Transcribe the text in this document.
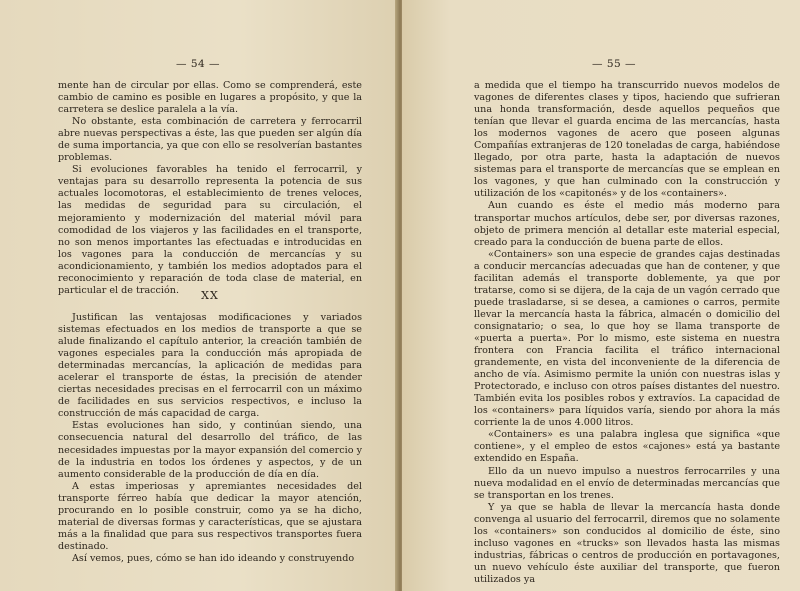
— 54 —

mente han de circular por ellas. Como se comprenderá, este cambio de camino es posible en lugares a propósito, y que la carretera se deslice paralela a la vía.

No obstante, esta combinación de carretera y ferrocarril abre nuevas perspectivas a éste, las que pueden ser algún día de suma importancia, ya que con ello se resolverían bastantes problemas.

Si evoluciones favorables ha tenido el ferrocarril, y ventajas para su desarrollo representa la potencia de sus actuales locomotoras, el establecimiento de trenes veloces, las medidas de seguridad para su circulación, el mejoramiento y modernización del material móvil para comodidad de los viajeros y las facilidades en el transporte, no son menos importantes las efectuadas e introducidas en los vagones para la conducción de mercancías y su acondicionamiento, y también los medios adoptados para el reconocimiento y reparación de toda clase de material, en particular el de tracción.	XX

Justifican las ventajosas modificaciones y variados sistemas efectuados en los medios de transporte a que se alude finalizando el capítulo anterior, la creación también de vagones especiales para la conducción más apropiada de determinadas mercancías, la aplicación de medidas para acelerar el transporte de éstas, la precisión de atender ciertas necesidades precisas en el ferrocarril con un máximo de facilidades en sus servicios respectivos, e incluso la construcción de más capacidad de carga.

Estas evoluciones han sido, y continúan siendo, una consecuencia natural del desarrollo del tráfico, de las necesidades impuestas por la mayor expansión del comercio y de la industria en todos los órdenes y aspectos, y de un aumento considerable de la producción de día en día.

A estas imperiosas y apremiantes necesidades del transporte férreo había que dedicar la mayor atención, procurando en lo posible construir, como ya se ha dicho, material de diversas formas y características, que se ajustara más a la finalidad que para sus respectivos transportes fuera destinado.

Así vemos, pues, cómo se han ido ideando y construyendo

— 55 —

a medida que el tiempo ha transcurrido nuevos modelos de vagones de diferentes clases y tipos, haciendo que sufrieran una honda transformación, desde aquellos pequeños que tenían que llevar el guarda encima de las mercancías, hasta los modernos vagones de acero que poseen algunas Compañías extranjeras de 120 toneladas de carga, habiéndose llegado, por otra parte, hasta la adaptación de nuevos sistemas para el transporte de mercancías que se emplean en los vagones, y que han culminado con la construcción y utilización de los «capitonés» y de los «containers».

Aun cuando es éste el medio más moderno para transportar muchos artículos, debe ser, por diversas razones, objeto de primera mención al detallar este material especial, creado para la conducción de buena parte de ellos.

«Containers» son una especie de grandes cajas destinadas a conducir mercancías adecuadas que han de contener, y que facilitan además el transporte doblemente, ya que por tratarse, como si se dijera, de la caja de un vagón cerrado que puede trasladarse, si se desea, a camiones o carros, permite llevar la mercancía hasta la fábrica, almacén o domicilio del consignatario; o sea, lo que hoy se llama transporte de «puerta a puerta». Por lo mismo, este sistema en nuestra frontera con Francia facilita el tráfico internacional grandemente, en vista del inconveniente de la diferencia de ancho de vía. Asimismo permite la unión con nuestras islas y Protectorado, e incluso con otros países distantes del nuestro. También evita los posibles robos y extravíos. La capacidad de los «containers» para líquidos varía, siendo por ahora la más corriente la de unos 4.000 litros.

«Containers» es una palabra inglesa que significa «que contiene», y el empleo de estos «cajones» está ya bastante extendido en España.

Ello da un nuevo impulso a nuestros ferrocarriles y una nueva modalidad en el envío de determinadas mercancías que se transportan en los trenes.

Y ya que se habla de llevar la mercancía hasta donde convenga al usuario del ferrocarril, diremos que no solamente los «containers» son conducidos al domicilio de éste, sino incluso vagones en «trucks» son llevados hasta las mismas industrias, fábricas o centros de producción en portavagones, un nuevo vehículo éste auxiliar del transporte, que fueron utilizados ya
